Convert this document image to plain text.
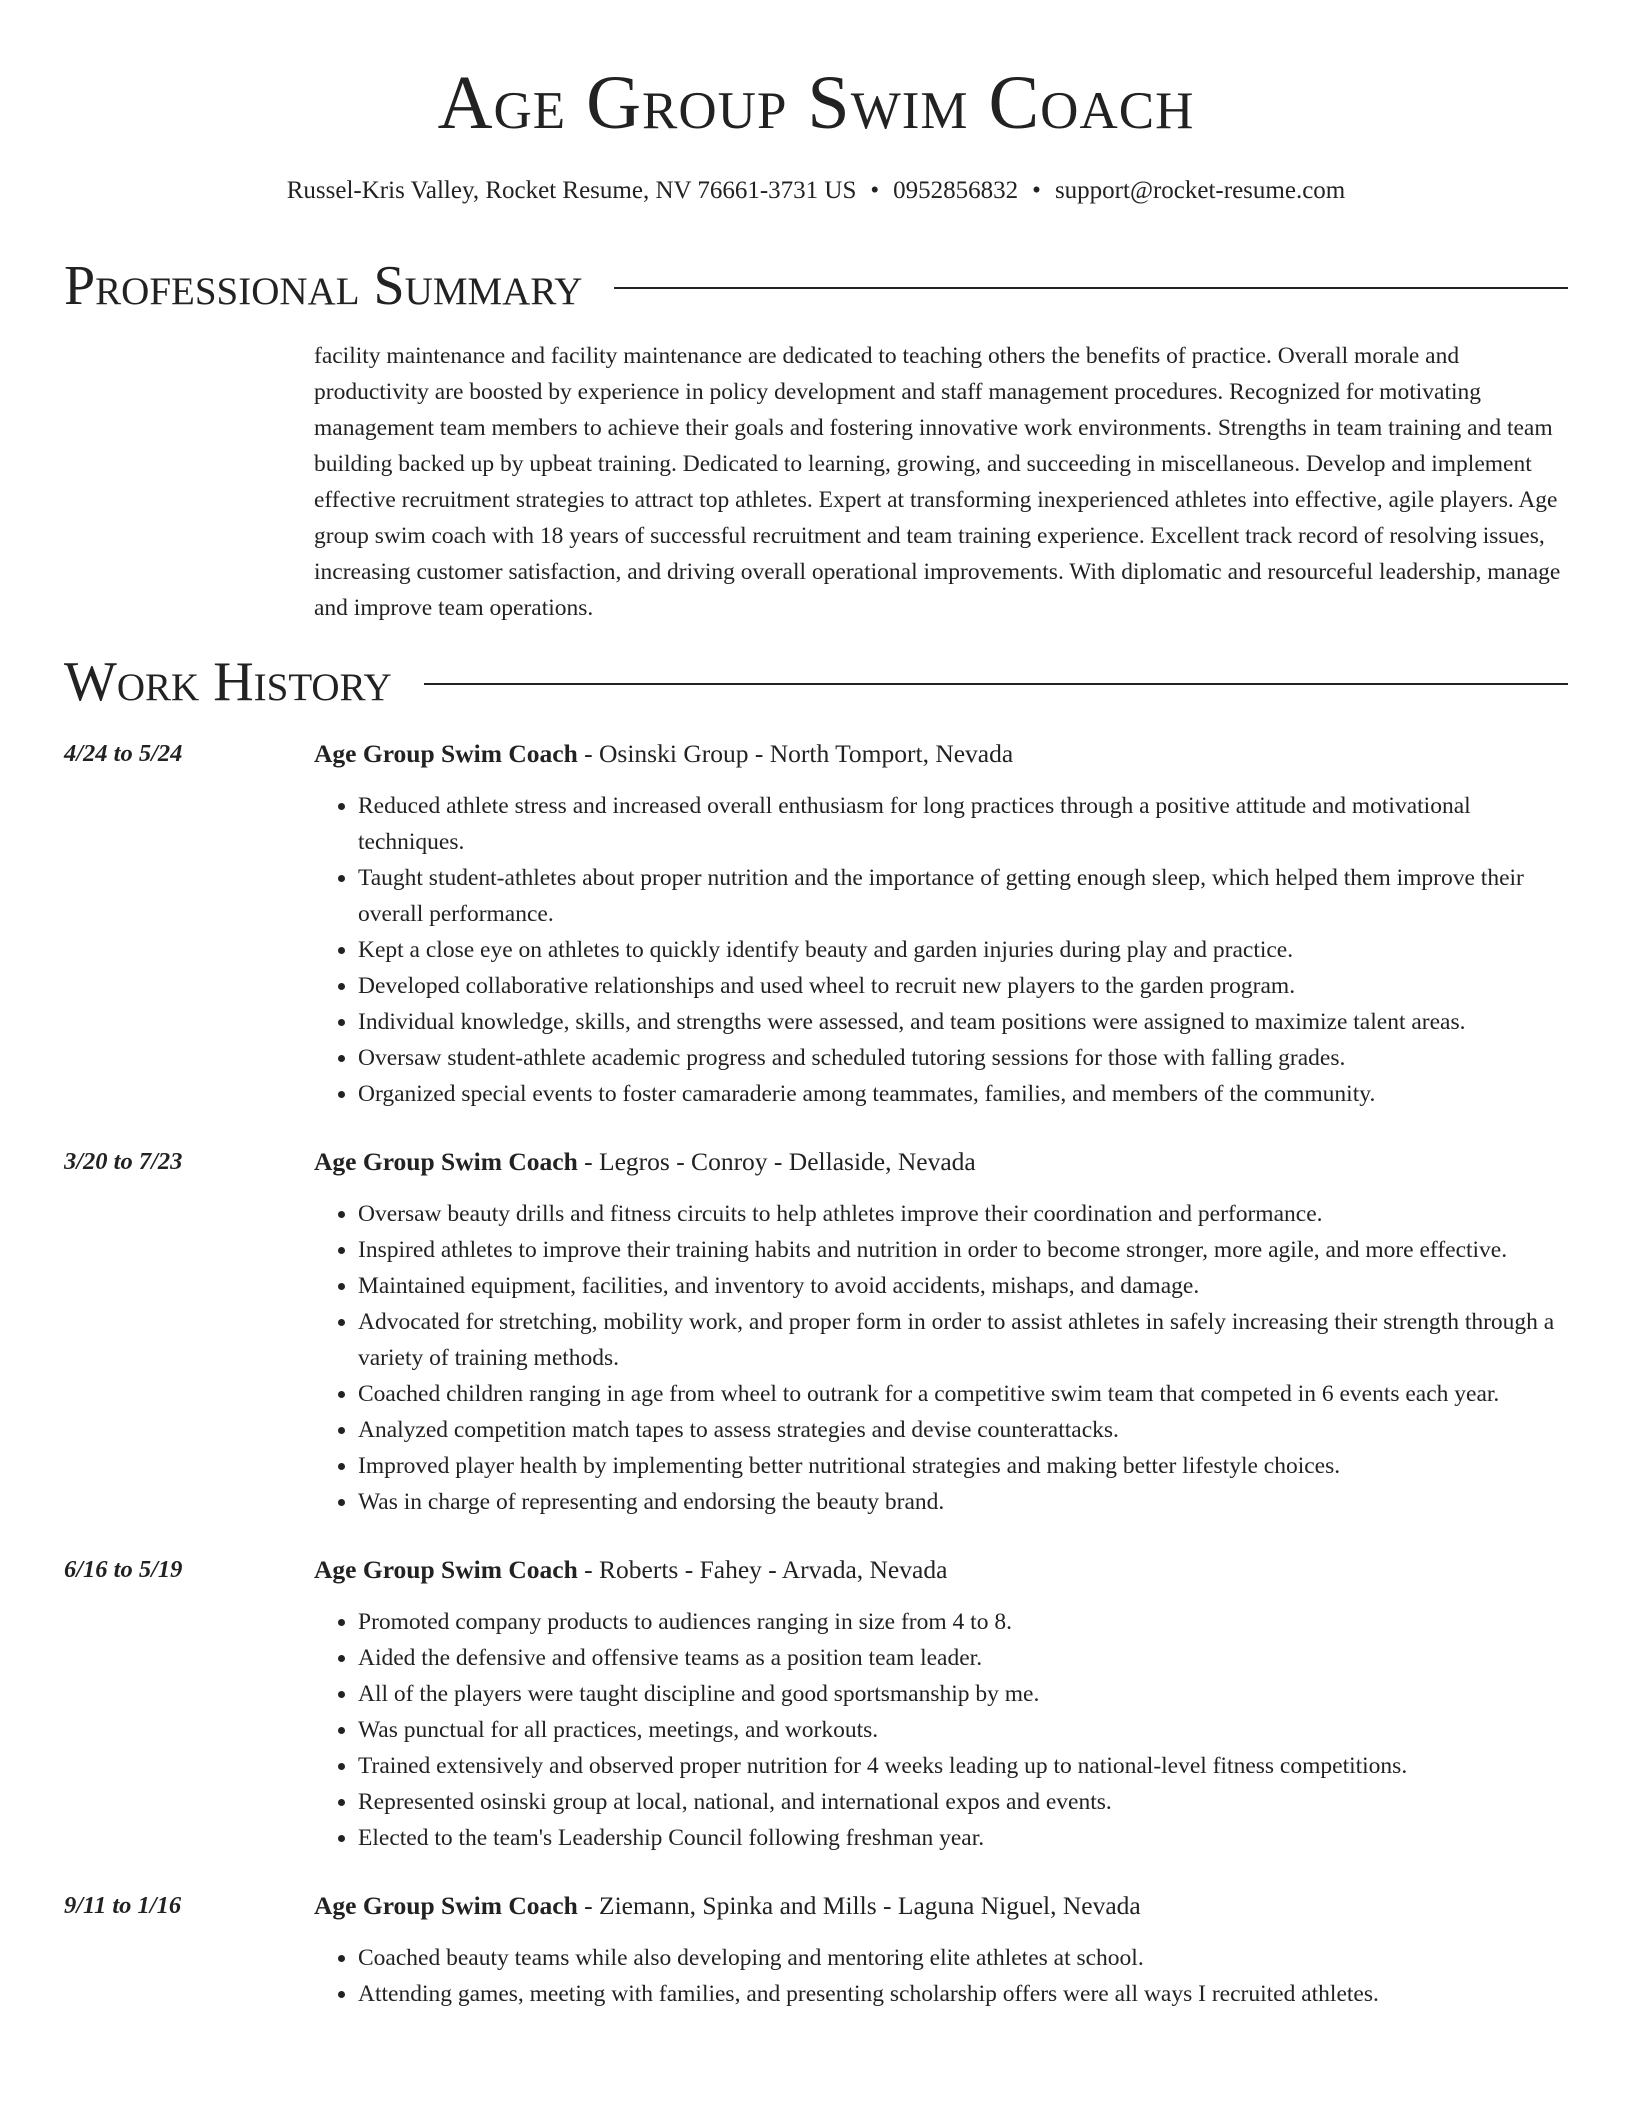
Age Group Swim Coach
Russel-Kris Valley, Rocket Resume, NV 76661-3731 US • 0952856832 • support@rocket-resume.com
Professional Summary

facility maintenance and facility maintenance are dedicated to teaching others the benefits of practice. Overall morale and productivity are boosted by experience in policy development and staff management procedures. Recognized for motivating management team members to achieve their goals and fostering innovative work environments. Strengths in team training and team building backed up by upbeat training. Dedicated to learning, growing, and succeeding in miscellaneous. Develop and implement effective recruitment strategies to attract top athletes. Expert at transforming inexperienced athletes into effective, agile players. Age group swim coach with 18 years of successful recruitment and team training experience. Excellent track record of resolving issues, increasing customer satisfaction, and driving overall operational improvements. With diplomatic and resourceful leadership, manage and improve team operations.

Work History
4/24 to 5/24	Age Group Swim Coach - Osinski Group - North Tomport, Nevada
• Reduced athlete stress and increased overall enthusiasm for long practices through a positive attitude and motivational techniques.
• Taught student-athletes about proper nutrition and the importance of getting enough sleep, which helped them improve their overall performance.
• Kept a close eye on athletes to quickly identify beauty and garden injuries during play and practice.
• Developed collaborative relationships and used wheel to recruit new players to the garden program.
• Individual knowledge, skills, and strengths were assessed, and team positions were assigned to maximize talent areas.
• Oversaw student-athlete academic progress and scheduled tutoring sessions for those with falling grades.
• Organized special events to foster camaraderie among teammates, families, and members of the community.
3/20 to 7/23	Age Group Swim Coach - Legros - Conroy - Dellaside, Nevada
• Oversaw beauty drills and fitness circuits to help athletes improve their coordination and performance.
• Inspired athletes to improve their training habits and nutrition in order to become stronger, more agile, and more effective.
• Maintained equipment, facilities, and inventory to avoid accidents, mishaps, and damage.
• Advocated for stretching, mobility work, and proper form in order to assist athletes in safely increasing their strength through a variety of training methods.
• Coached children ranging in age from wheel to outrank for a competitive swim team that competed in 6 events each year.
• Analyzed competition match tapes to assess strategies and devise counterattacks.
• Improved player health by implementing better nutritional strategies and making better lifestyle choices.
• Was in charge of representing and endorsing the beauty brand.
6/16 to 5/19	Age Group Swim Coach - Roberts - Fahey - Arvada, Nevada
• Promoted company products to audiences ranging in size from 4 to 8.
• Aided the defensive and offensive teams as a position team leader.
• All of the players were taught discipline and good sportsmanship by me.
• Was punctual for all practices, meetings, and workouts.
• Trained extensively and observed proper nutrition for 4 weeks leading up to national-level fitness competitions.
• Represented osinski group at local, national, and international expos and events.
• Elected to the team's Leadership Council following freshman year.
9/11 to 1/16	Age Group Swim Coach - Ziemann, Spinka and Mills - Laguna Niguel, Nevada
• Coached beauty teams while also developing and mentoring elite athletes at school.
• Attending games, meeting with families, and presenting scholarship offers were all ways I recruited athletes.
